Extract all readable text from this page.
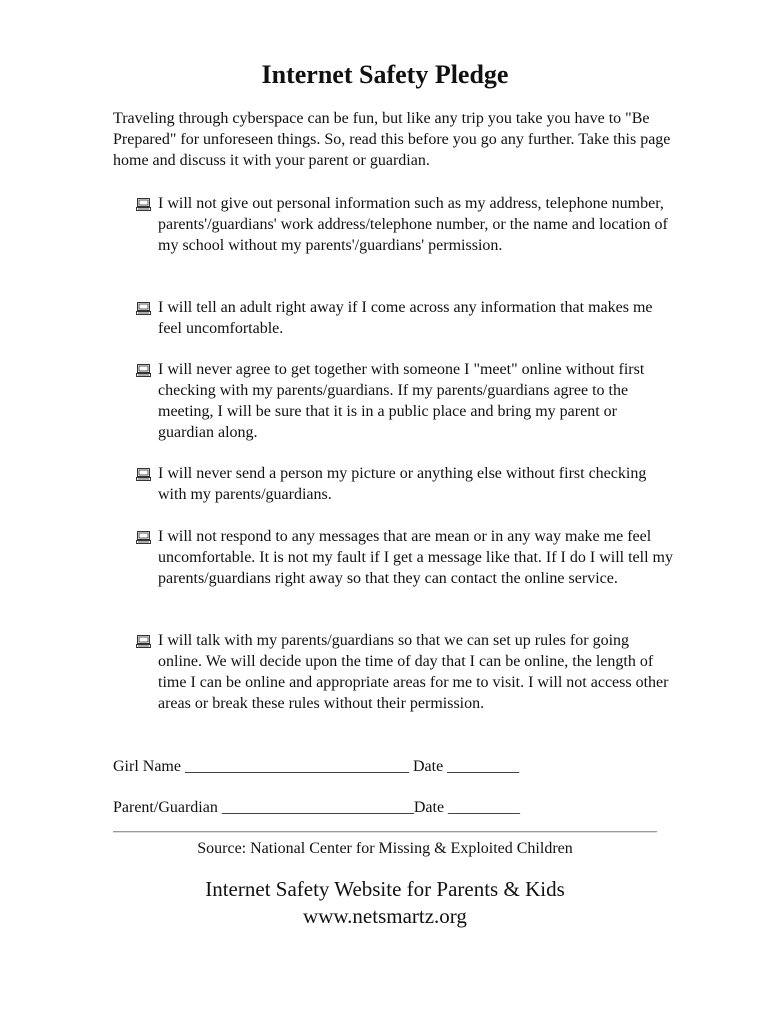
Internet Safety Pledge
Traveling through cyberspace can be fun, but like any trip you take you have to "Be Prepared" for unforeseen things. So, read this before you go any further. Take this page home and discuss it with your parent or guardian.
I will not give out personal information such as my address, telephone number, parents'/guardians' work address/telephone number, or the name and location of my school without my parents'/guardians' permission.
I will tell an adult right away if I come across any information that makes me feel uncomfortable.
I will never agree to get together with someone I "meet" online without first checking with my parents/guardians. If my parents/guardians agree to the meeting, I will be sure that it is in a public place and bring my parent or guardian along.
I will never send a person my picture or anything else without first checking with my parents/guardians.
I will not respond to any messages that are mean or in any way make me feel uncomfortable. It is not my fault if I get a message like that. If I do I will tell my parents/guardians right away so that they can contact the online service.
I will talk with my parents/guardians so that we can set up rules for going online. We will decide upon the time of day that I can be online, the length of time I can be online and appropriate areas for me to visit. I will not access other areas or break these rules without their permission.
Girl Name ____________________________ Date _________
Parent/Guardian ________________________Date _________
Source: National Center for Missing & Exploited Children
Internet Safety Website for Parents & Kids
www.netsmartz.org
